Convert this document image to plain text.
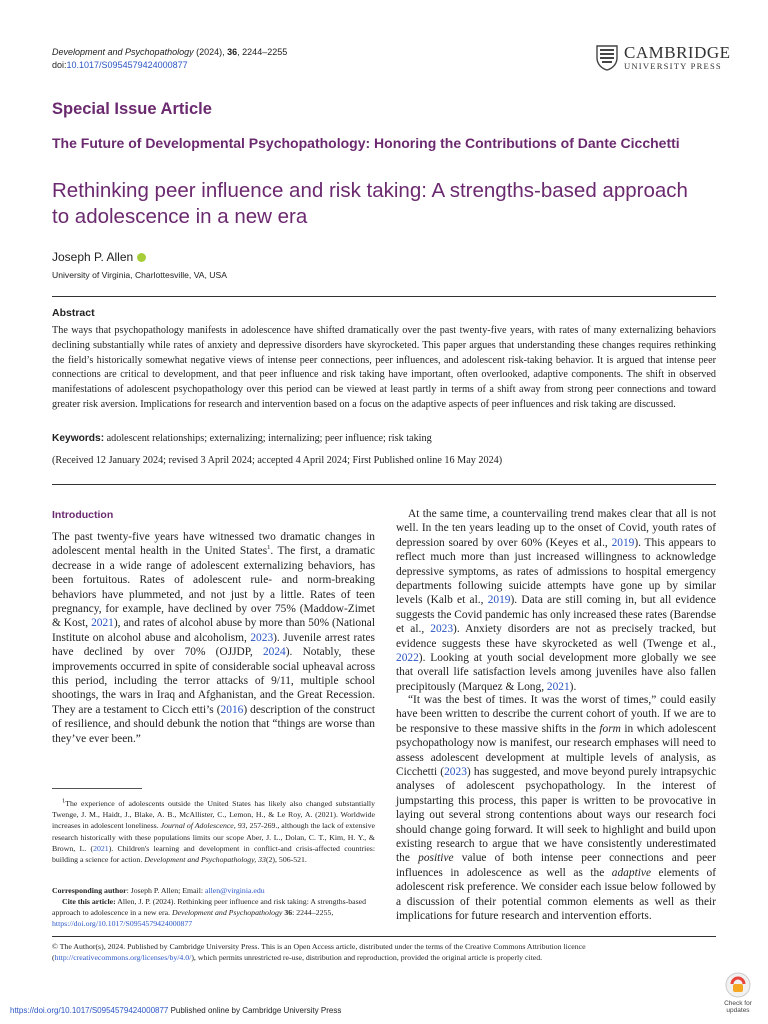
Development and Psychopathology (2024), 36, 2244–2255
doi:10.1017/S0954579424000877
CAMBRIDGE
UNIVERSITY PRESS
Special Issue Article
The Future of Developmental Psychopathology: Honoring the Contributions of Dante Cicchetti
Rethinking peer influence and risk taking: A strengths-based approach to adolescence in a new era
Joseph P. Allen
University of Virginia, Charlottesville, VA, USA
Abstract

The ways that psychopathology manifests in adolescence have shifted dramatically over the past twenty-five years, with rates of many externalizing behaviors declining substantially while rates of anxiety and depressive disorders have skyrocketed. This paper argues that understanding these changes requires rethinking the field’s historically somewhat negative views of intense peer connections, peer influences, and adolescent risk-taking behavior. It is argued that intense peer connections are critical to development, and that peer influence and risk taking have important, often overlooked, adaptive components. The shift in observed manifestations of adolescent psychopathology over this period can be viewed at least partly in terms of a shift away from strong peer connections and toward greater risk aversion. Implications for research and intervention based on a focus on the adaptive aspects of peer influences and risk taking are discussed.

Keywords: adolescent relationships; externalizing; internalizing; peer influence; risk taking
(Received 12 January 2024; revised 3 April 2024; accepted 4 April 2024; First Published online 16 May 2024)
Introduction

The past twenty-five years have witnessed two dramatic changes in adolescent mental health in the United States$^1$. The first, a dramatic decrease in a wide range of adolescent externalizing behaviors, has been fortuitous. Rates of adolescent rule- and norm-breaking behaviors have plummeted, and not just by a little. Rates of teen pregnancy, for example, have declined by over 75% (Maddow-Zimet & Kost, 2021), and rates of alcohol abuse by more than 50% (National Institute on alcohol abuse and alcoholism, 2023). Juvenile arrest rates have declined by over 70% (OJJDP, 2024). Notably, these improvements occurred in spite of considerable social upheaval across this period, including the terror attacks of 9/11, multiple school shootings, the wars in Iraq and Afghanistan, and the Great Recession. They are a testament to Cicch etti’s (2016) description of the construct of resilience, and should debunk the notion that “things are worse than they’ve ever been.”

$^1$The experience of adolescents outside the United States has likely also changed substantially Twenge, J. M., Haidt, J., Blake, A. B., McAllister, C., Lemon, H., & Le Roy, A. (2021). Worldwide increases in adolescent loneliness. Journal of Adolescence, 93, 257-269., although the lack of extensive research historically with these populations limits our scope Aber, J. L., Dolan, C. T., Kim, H. Y., & Brown, L. (2021). Children's learning and development in conflict-and crisis-affected countries: building a science for action. Development and Psychopathology, 33(2), 506-521.

Corresponding author: Joseph P. Allen; Email: allen@virginia.edu

Cite this article: Allen, J. P. (2024). Rethinking peer influence and risk taking: A strengths-based approach to adolescence in a new era. Development and Psychopathology 36: 2244–2255, https://doi.org/10.1017/S0954579424000877

At the same time, a countervailing trend makes clear that all is not well. In the ten years leading up to the onset of Covid, youth rates of depression soared by over 60% (Keyes et al., 2019). This appears to reflect much more than just increased willingness to acknowledge depressive symptoms, as rates of admissions to hospital emergency departments following suicide attempts have gone up by similar levels (Kalb et al., 2019). Data are still coming in, but all evidence suggests the Covid pandemic has only increased these rates (Barendse et al., 2023). Anxiety disorders are not as precisely tracked, but evidence suggests these have skyrocketed as well (Twenge et al., 2022). Looking at youth social development more globally we see that overall life satisfaction levels among juveniles have also fallen precipitously (Marquez & Long, 2021).

“It was the best of times. It was the worst of times,” could easily have been written to describe the current cohort of youth. If we are to be responsive to these massive shifts in the form in which adolescent psychopathology now is manifest, our research emphases will need to assess adolescent development at multiple levels of analysis, as Cicchetti (2023) has suggested, and move beyond purely intrapsychic analyses of adolescent psychopathology. In the interest of jumpstarting this process, this paper is written to be provocative in laying out several strong contentions about ways our research foci should change going forward. It will seek to highlight and build upon existing research to argue that we have consistently underestimated the positive value of both intense peer connections and peer influences in adolescence as well as the adaptive elements of adolescent risk preference. We consider each issue below followed by a discussion of their potential common elements as well as their implications for future research and intervention efforts.

© The Author(s), 2024. Published by Cambridge University Press. This is an Open Access article, distributed under the terms of the Creative Commons Attribution licence (http://creativecommons.org/licenses/by/4.0/), which permits unrestricted re-use, distribution and reproduction, provided the original article is properly cited.

https://doi.org/10.1017/S0954579424000877 Published online by Cambridge University Press
Check for
updates
